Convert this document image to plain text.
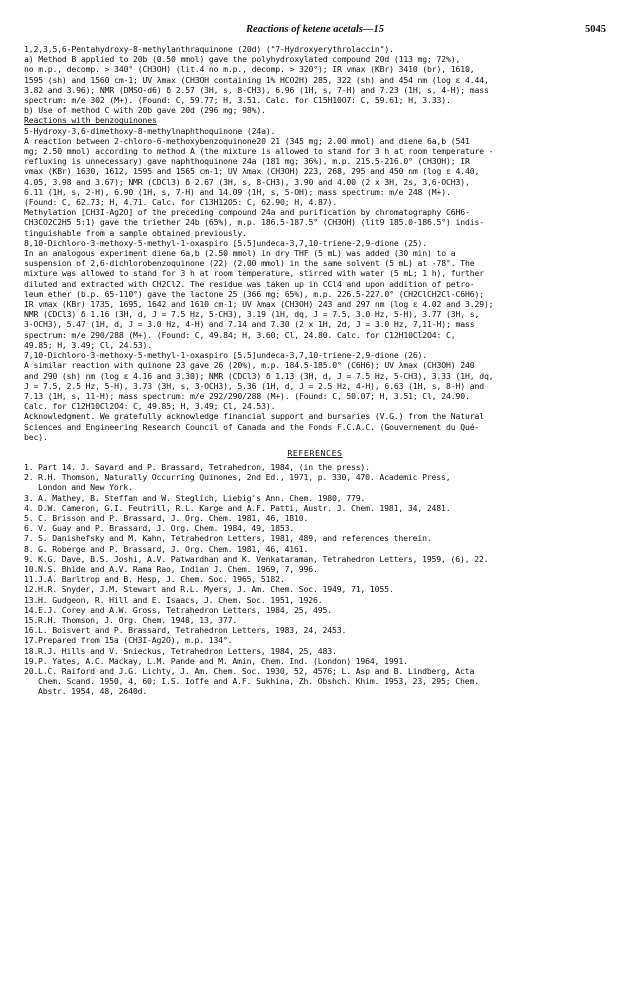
Reactions of ketene acetals—15	5045
1,2,3,5,6-Pentahydroxy-8-methylanthraquinone (20d) ("7-Hydroxyerythrolaccin").
a) Method B applied to 20b (0.50 mmol) gave the polyhydroxylated compound 20d (113 mg; 72%),
no m.p., decomp. > 340° (CH3OH) (lit.4 no m.p., decomp. > 320°); IR vmax (KBr) 3410 (br), 1610,
1595 (sh) and 1560 cm-1; UV λmax (CH3OH containing 1% HCO2H) 285, 322 (sh) and 454 nm (log ε 4.44,
3.82 and 3.96); NMR (DMSO-d6) δ 2.57 (3H, s, 8-CH3), 6.96 (1H, s, 7-H) and 7.23 (1H, s, 4-H); mass
spectrum: m/e 302 (M+). (Found: C, 59.77; H, 3.51. Calc. for C15H10O7: C, 59.61; H, 3.33).
b) Use of method C with 20b gave 20d (296 mg; 98%).
Reactions with benzoquinones
5-Hydroxy-3,6-dimethoxy-8-methylnaphthoquinone (24a).
A reaction between 2-chloro-6-methoxybenzoquinone20 21 (345 mg; 2.00 mmol) and diene 6a,b (541
mg; 2.50 mmol) according to method A (the mixture is allowed to stand for 3 h at room temperature -
refluxing is unnecessary) gave naphthoquinone 24a (181 mg; 36%), m.p. 215.5-216.0° (CH3OH); IR
vmax (KBr) 1630, 1612, 1595 and 1565 cm-1; UV λmax (CH3OH) 223, 268, 295 and 450 nm (log ε 4.40,
4.05, 3.98 and 3.67); NMR (CDCl3) δ 2.67 (3H, s, 8-CH3), 3.90 and 4.00 (2 x 3H, 2s, 3,6-OCH3),
6.11 (1H, s, 2-H), 6.90 (1H, s, 7-H) and 14.09 (1H, s, 5-OH); mass spectrum: m/e 248 (M+).
(Found: C, 62.73; H, 4.71. Calc. for C13H12O5: C, 62.90; H, 4.87).
Methylation [CH3I-Ag2O] of the preceding compound 24a and purification by chromatography C6H6-
CH3CO2C2H5 5:1) gave the triether 24b (65%), m.p. 186.5-187.5° (CH3OH) (lit9 185.0-186.5°) indis-
tinguishable from a sample obtained previously.
8,10-Dichloro-3-methoxy-5-methyl-1-oxaspiro [5.5]undeca-3,7,10-triene-2,9-dione (25).
In an analogous experiment diene 6a,b (2.50 mmol) in dry THF (5 mL) was added (30 min) to a
suspension of 2,6-dichlorobenzoquinone (22) (2.00 mmol) in the same solvent (5 mL) at -78°. The
mixture was allowed to stand for 3 h at room temperature, stirred with water (5 mL; 1 h), further
diluted and extracted with CH2Cl2. The residue was taken up in CCl4 and upon addition of petro-
leum ether (b.p. 65-110°) gave the lactone 25 (366 mg; 65%), m.p. 226.5-227.0° (CH2ClCH2Cl-C6H6);
IR vmax (KBr) 1735, 1695, 1642 and 1610 cm-1; UV λmax (CH3OH) 243 and 297 nm (log ε 4.02 and 3.29);
NMR (CDCl3) δ 1.16 (3H, d, J = 7.5 Hz, 5-CH3), 3.19 (1H, dq, J = 7.5, 3.0 Hz, 5-H), 3.77 (3H, s,
3-OCH3), 5.47 (1H, d, J = 3.0 Hz, 4-H) and 7.14 and 7.30 (2 x 1H, 2d, J = 3.0 Hz, 7,11-H); mass
spectrum: m/e 290/288 (M+). (Found: C, 49.84; H, 3.60; Cl, 24.80. Calc. for C12H10Cl2O4: C,
49.85; H, 3.49; Cl, 24.53).
7,10-Dichloro-3-methoxy-5-methyl-1-oxaspiro [5.5]undeca-3,7,10-triene-2,9-dione (26).
A similar reaction with quinone 23 gave 26 (20%), m.p. 184.5-185.0° (C6H6); UV λmax (CH3OH) 240
and 290 (sh) nm (log ε 4.16 and 3.30); NMR (CDCl3) δ 1.13 (3H, d, J = 7.5 Hz, 5-CH3), 3.33 (1H, dq,
J = 7.5, 2.5 Hz, 5-H), 3.73 (3H, s, 3-OCH3), 5.36 (1H, d, J = 2.5 Hz, 4-H), 6.63 (1H, s, 8-H) and
7.13 (1H, s, 11-H); mass spectrum: m/e 292/290/288 (M+). (Found: C, 50.07; H, 3.51; Cl, 24.90.
Calc. for C12H10Cl2O4: C, 49.85; H, 3.49; Cl, 24.53).
Acknowledgment. We gratefully acknowledge financial support and bursaries (V.G.) from the Natural
Sciences and Engineering Research Council of Canada and the Fonds F.C.A.C. (Gouvernement du Qué-
bec).
REFERENCES
1. Part 14. J. Savard and P. Brassard, Tetrahedron, 1984, (in the press).
2. R.H. Thomson, Naturally Occurring Quinones, 2nd Ed., 1971, p. 330, 470. Academic Press,
London and New York.
3. A. Mathey, B. Steffan and W. Steglich, Liebig's Ann. Chem. 1980, 779.
4. D.W. Cameron, G.I. Feutrill, R.L. Karge and A.F. Patti, Austr. J. Chem. 1981, 34, 2481.
5. C. Brisson and P. Brassard, J. Org. Chem. 1981, 46, 1810.
6. V. Guay and P. Brassard, J. Org. Chem. 1984, 49, 1853.
7. S. Danishefsky and M. Kahn, Tetrahedron Letters, 1981, 489, and references therein.
8. G. Roberge and P. Brassard, J. Org. Chem. 1981, 46, 4161.
9. K.G. Dave, B.S. Joshi, A.V. Patwardhan and K. Venkataraman, Tetrahedron Letters, 1959, (6), 22.
10. N.S. Bhide and A.V. Rama Rao, Indian J. Chem. 1969, 7, 996.
11. J.A. Barltrop and B. Hesp, J. Chem. Soc. 1965, 5182.
12. H.R. Snyder, J.M. Stewart and R.L. Myers, J. Am. Chem. Soc. 1949, 71, 1055.
13. H. Gudgeon, R. Hill and E. Isaacs, J. Chem. Soc. 1951, 1926.
14. E.J. Corey and A.W. Gross, Tetrahedron Letters, 1984, 25, 495.
15. R.H. Thomson, J. Org. Chem. 1948, 13, 377.
16. L. Boisvert and P. Brassard, Tetrahedron Letters, 1983, 24, 2453.
17. Prepared from 15a (CH3I-Ag2O), m.p. 134°.
18. R.J. Hills and V. Snieckus, Tetrahedron Letters, 1984, 25, 483.
19. P. Yates, A.C. Mackay, L.M. Pande and M. Amin, Chem. Ind. (London) 1964, 1991.
20. L.C. Raiford and J.G. Lichty, J. Am. Chem. Soc. 1930, 52, 4576; L. Asp and B. Lindberg, Acta
Chem. Scand. 1950, 4, 60; I.S. Ioffe and A.F. Sukhina, Zh. Obshch. Khim. 1953, 23, 295; Chem.
Abstr. 1954, 48, 2640d.
